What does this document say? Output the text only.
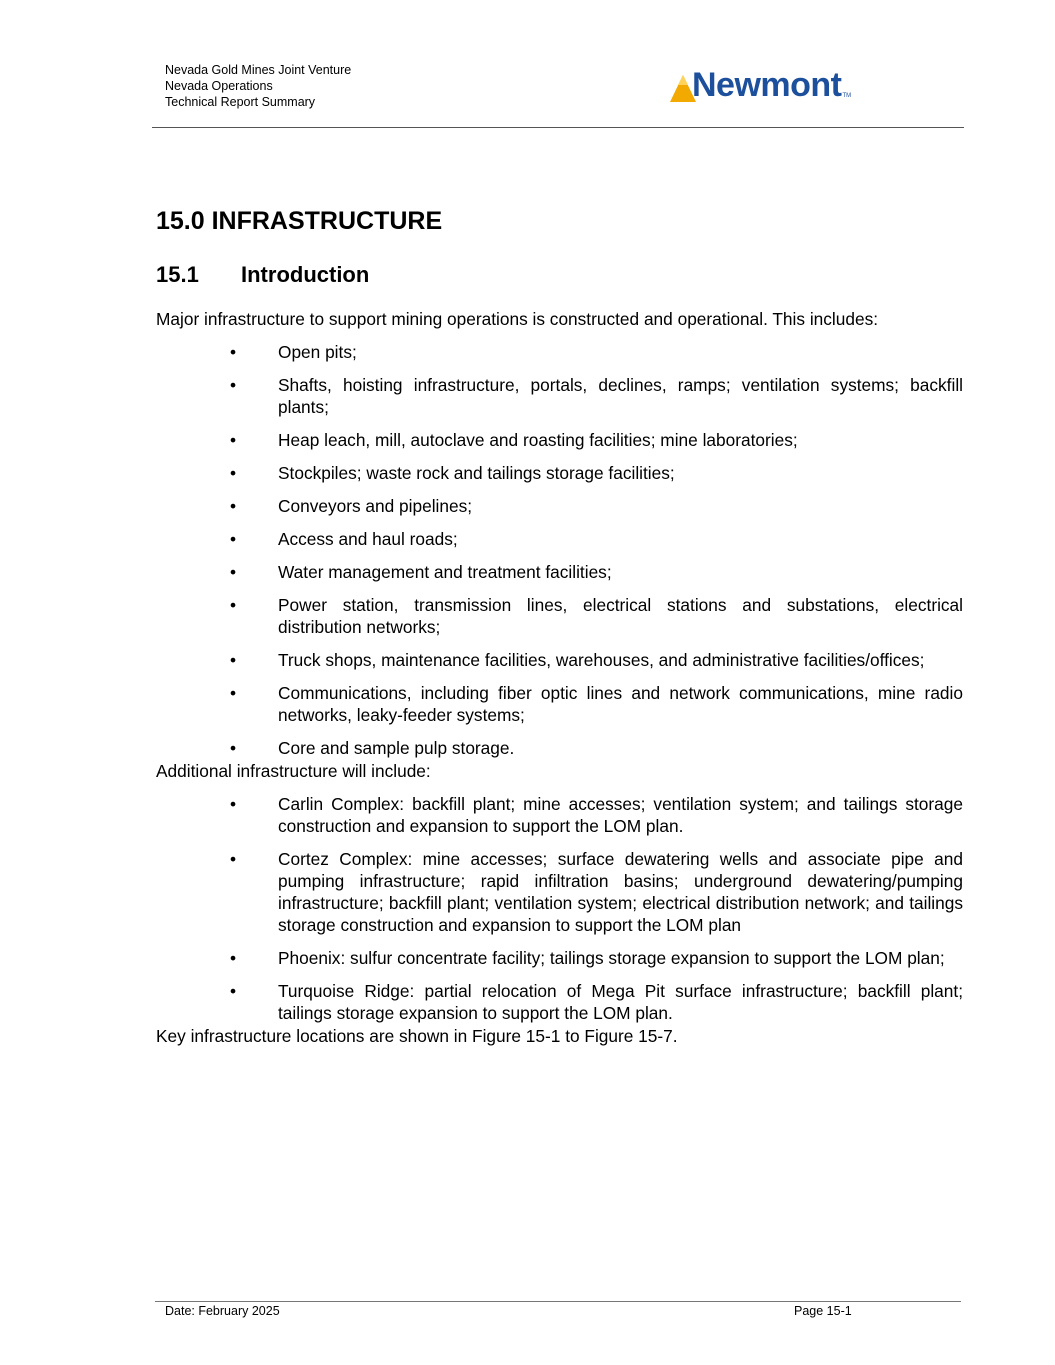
Nevada Gold Mines Joint Venture
Nevada Operations
Technical Report Summary	Newmont TM
15.0 INFRASTRUCTURE
15.1	Introduction

Major infrastructure to support mining operations is constructed and operational. This includes:

• Open pits;
• Shafts, hoisting infrastructure, portals, declines, ramps; ventilation systems; backfill plants;
• Heap leach, mill, autoclave and roasting facilities; mine laboratories;
• Stockpiles; waste rock and tailings storage facilities;
• Conveyors and pipelines;
• Access and haul roads;
• Water management and treatment facilities;
• Power station, transmission lines, electrical stations and substations, electrical distribution networks;
• Truck shops, maintenance facilities, warehouses, and administrative facilities/offices;
• Communications, including fiber optic lines and network communications, mine radio networks, leaky-feeder systems;
• Core and sample pulp storage.

Additional infrastructure will include:

• Carlin Complex: backfill plant; mine accesses; ventilation system; and tailings storage construction and expansion to support the LOM plan.
• Cortez Complex: mine accesses; surface dewatering wells and associate pipe and pumping infrastructure; rapid infiltration basins; underground dewatering/pumping infrastructure; backfill plant; ventilation system; electrical distribution network; and tailings storage construction and expansion to support the LOM plan
• Phoenix: sulfur concentrate facility; tailings storage expansion to support the LOM plan;
• Turquoise Ridge: partial relocation of Mega Pit surface infrastructure; backfill plant; tailings storage expansion to support the LOM plan.

Key infrastructure locations are shown in Figure 15-1 to Figure 15-7.

Date: February 2025	Page 15-1
